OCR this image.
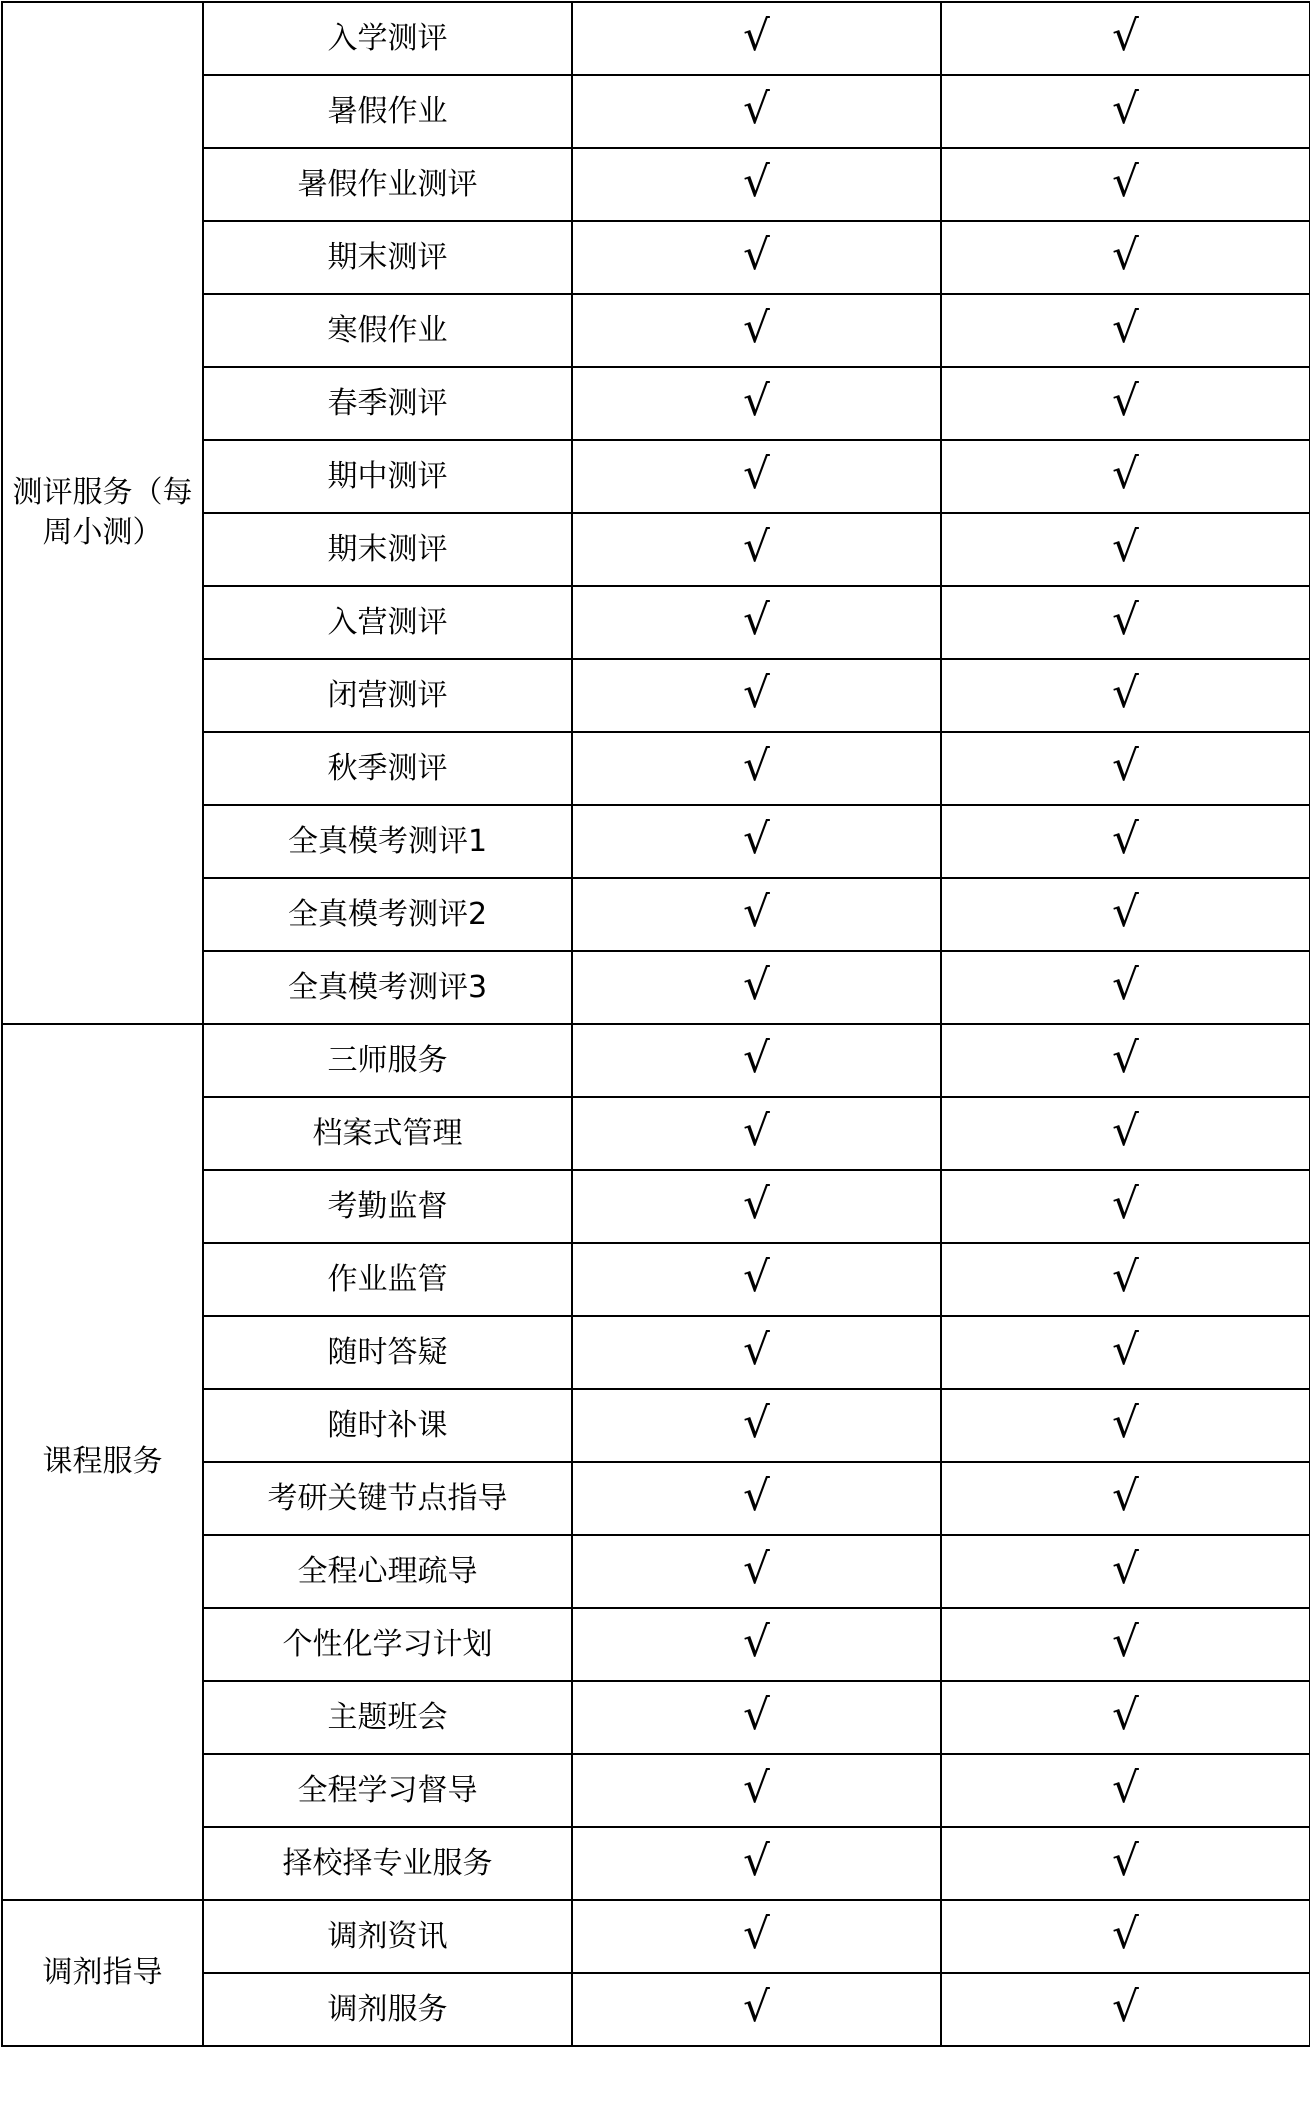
测评服务（每周小测）	入学测评	√	√
	暑假作业	√	√
	暑假作业测评	√	√
	期末测评	√	√
	寒假作业	√	√
	春季测评	√	√
	期中测评	√	√
	期末测评	√	√
	入营测评	√	√
	闭营测评	√	√
	秋季测评	√	√
	全真模考测评1	√	√
	全真模考测评2	√	√
	全真模考测评3	√	√
课程服务	三师服务	√	√
	档案式管理	√	√
	考勤监督	√	√
	作业监管	√	√
	随时答疑	√	√
	随时补课	√	√
	考研关键节点指导	√	√
	全程心理疏导	√	√
	个性化学习计划	√	√
	主题班会	√	√
	全程学习督导	√	√
	择校择专业服务	√	√
调剂指导	调剂资讯	√	√
	调剂服务	√	√
